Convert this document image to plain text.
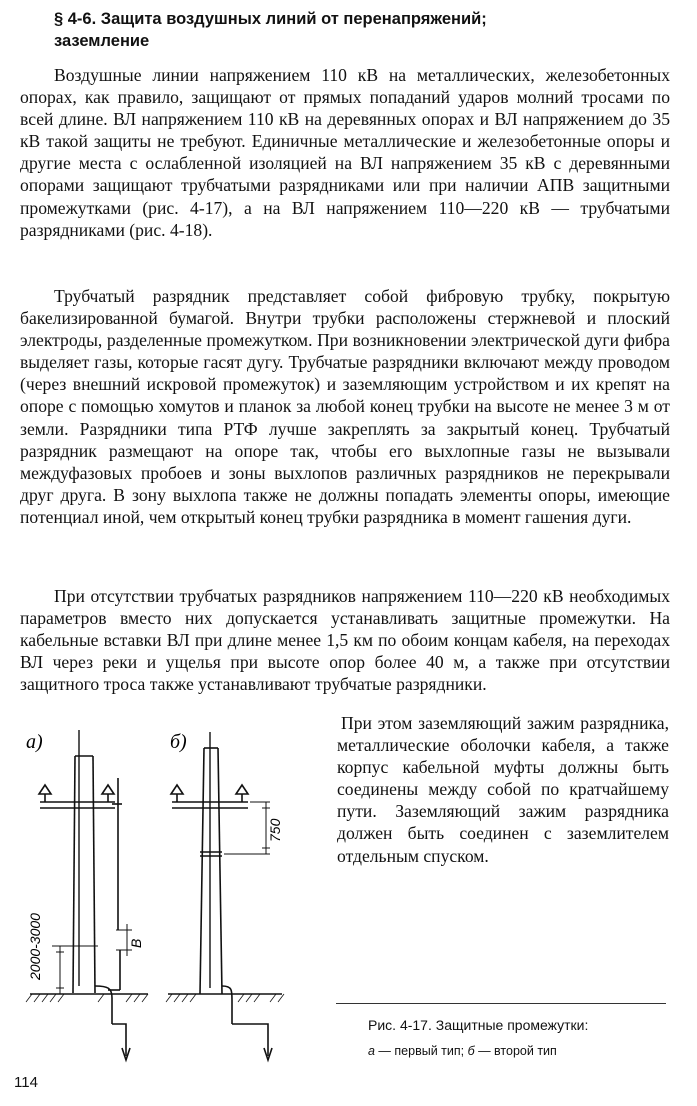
§ 4-6. Защита воздушных линий от перенапряжений;
заземление

Воздушные линии напряжением 110 кВ на металлических, железобетонных опорах, как правило, защищают от прямых попаданий ударов молний тросами по всей длине. ВЛ напряжением 110 кВ на деревянных опорах и ВЛ напряжением до 35 кВ такой защиты не требуют. Единичные металлические и железобетонные опоры и другие места с ослабленной изоляцией на ВЛ напряжением 35 кВ с деревянными опорами защищают трубчатыми разрядниками или при наличии АПВ защитными промежутками (рис. 4-17), а на ВЛ напряжением 110—220 кВ — трубчатыми разрядниками (рис. 4-18).

Трубчатый разрядник представляет собой фибровую трубку, покрытую бакелизированной бумагой. Внутри трубки расположены стержневой и плоский электроды, разделенные промежутком. При возникновении электрической дуги фибра выделяет газы, которые гасят дугу. Трубчатые разрядники включают между проводом (через внешний искровой промежуток) и заземляющим устройством и их крепят на опоре с помощью хомутов и планок за любой конец трубки на высоте не менее 3 м от земли. Разрядники типа РТФ лучше закреплять за закрытый конец. Трубчатый разрядник размещают на опоре так, чтобы его выхлопные газы не вызывали междуфазовых пробоев и зоны выхлопов различных разрядников не перекрывали друг друга. В зону выхлопа также не должны попадать элементы опоры, имеющие потенциал иной, чем открытый конец трубки разрядника в момент гашения дуги.

При отсутствии трубчатых разрядников напряжением 110—220 кВ необходимых параметров вместо них допускается устанавливать защитные промежутки. На кабельные вставки ВЛ при длине менее 1,5 км по обоим концам кабеля, на переходах ВЛ через реки и ущелья при высоте опор более 40 м, а также при отсутствии защитного троса также устанавливают трубчатые разрядники.

При этом заземляющий зажим разрядника, металлические оболочки кабеля, а также корпус кабельной муфты должны быть соединены между собой по кратчайшему пути. Заземляющий зажим разрядника должен быть соединен с заземлителем отдельным спуском.

а)	б)
2000-3000	B
750
Рис. 4-17. Защитные промежутки:
а — первый тип; б — второй тип
114
